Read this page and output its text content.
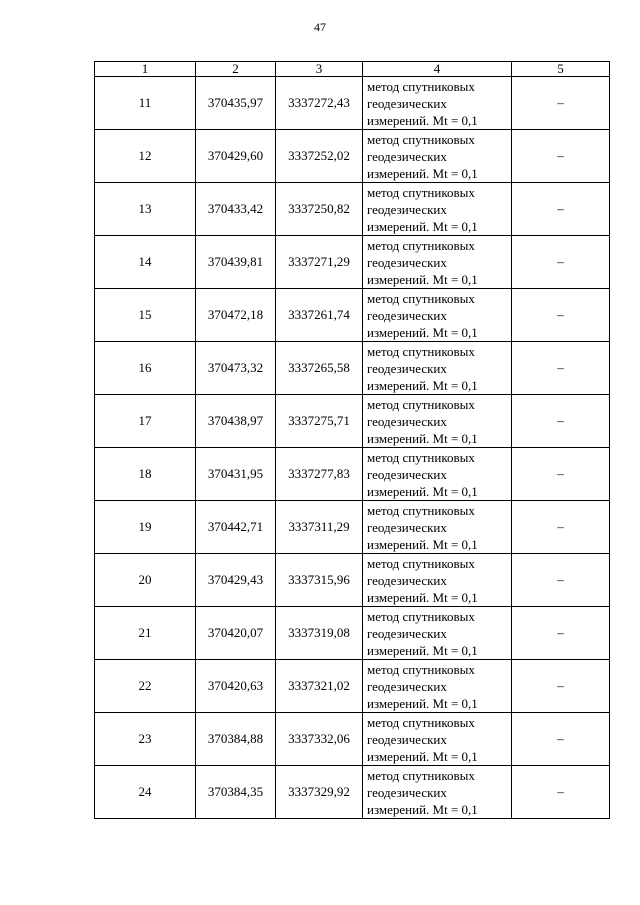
47
1	2	3	4	5
11	370435,97	3337272,43	метод спутниковых
геодезических
измерений. Mt = 0,1	–
12	370429,60	3337252,02	метод спутниковых
геодезических
измерений. Mt = 0,1	–
13	370433,42	3337250,82	метод спутниковых
геодезических
измерений. Mt = 0,1	–
14	370439,81	3337271,29	метод спутниковых
геодезических
измерений. Mt = 0,1	–
15	370472,18	3337261,74	метод спутниковых
геодезических
измерений. Mt = 0,1	–
16	370473,32	3337265,58	метод спутниковых
геодезических
измерений. Mt = 0,1	–
17	370438,97	3337275,71	метод спутниковых
геодезических
измерений. Mt = 0,1	–
18	370431,95	3337277,83	метод спутниковых
геодезических
измерений. Mt = 0,1	–
19	370442,71	3337311,29	метод спутниковых
геодезических
измерений. Mt = 0,1	–
20	370429,43	3337315,96	метод спутниковых
геодезических
измерений. Mt = 0,1	–
21	370420,07	3337319,08	метод спутниковых
геодезических
измерений. Mt = 0,1	–
22	370420,63	3337321,02	метод спутниковых
геодезических
измерений. Mt = 0,1	–
23	370384,88	3337332,06	метод спутниковых
геодезических
измерений. Mt = 0,1	–
24	370384,35	3337329,92	метод спутниковых
геодезических
измерений. Mt = 0,1	–
